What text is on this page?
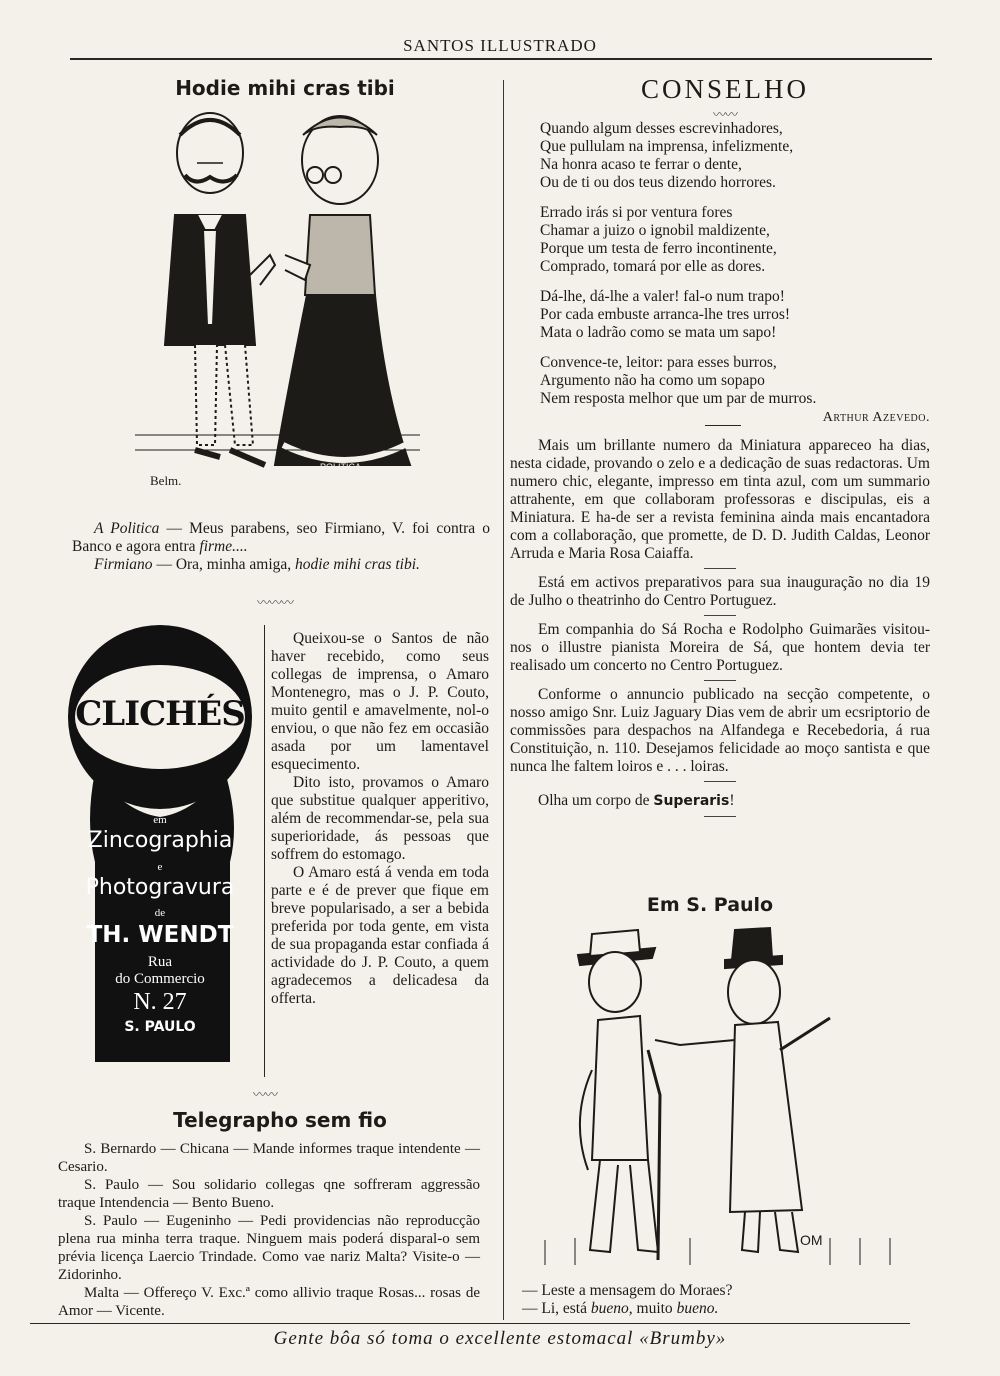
SANTOS ILLUSTRADO
Hodie mihi cras tibi
Belm.
POLITICA

A Politica — Meus parabens, seo Firmiano, V. foi contra o Banco e agora entra firme....

Firmiano — Ora, minha amiga, hodie mihi cras tibi.

〰〰〰
CLICHÉS
em
Zincographia
e
Photogravura
de
TH. WENDT
Rua
do Commercio
N. 27
S. PAULO

Queixou-se o Santos de não haver recebido, como seus collegas de imprensa, o Amaro Montenegro, mas o J. P. Couto, muito gentil e amavelmente, nol-o enviou, o que não fez em occasião asada por um lamentavel esquecimento.

Dito isto, provamos o Amaro que substitue qualquer apperitivo, além de recommendar-se, pela sua superioridade, ás pessoas que soffrem do estomago.

O Amaro está á venda em toda parte e é de prever que fique em breve popularisado, a ser a bebida preferida por toda gente, em vista de sua propaganda estar confiada á actividade do J. P. Couto, a quem agradecemos a delicadesa da offerta.

〰〰
Telegrapho sem fio

S. Bernardo — Chicana — Mande informes traque intendente — Cesario.

S. Paulo — Sou solidario collegas qne soffreram aggressão traque Intendencia — Bento Bueno.

S. Paulo — Eugeninho — Pedi providencias não reproducção plena rua minha terra traque. Ninguem mais poderá disparal-o sem prévia licença Laercio Trindade. Como vae nariz Malta? Visite-o — Zidorinho.

Malta — Offereço V. Exc.ª como allivio traque Rosas... rosas de Amor — Vicente.

CONSELHO
〰〰

Quando algum desses escrevinhadores,
Que pullulam na imprensa, infelizmente,
Na honra acaso te ferrar o dente,
Ou de ti ou dos teus dizendo horrores.

Errado irás si por ventura fores
Chamar a juizo o ignobil maldizente,
Porque um testa de ferro incontinente,
Comprado, tomará por elle as dores.

Dá-lhe, dá-lhe a valer! fal-o num trapo!
Por cada embuste arranca-lhe tres urros!
Mata o ladrão como se mata um sapo!

Convence-te, leitor: para esses burros,
Argumento não ha como um sopapo
Nem resposta melhor que um par de murros.

Arthur Azevedo.

Mais um brillante numero da Miniatura appareceo ha dias, nesta cidade, provando o zelo e a dedicação de suas redactoras. Um numero chic, elegante, impresso em tinta azul, com um summario attrahente, em que collaboram professoras e discipulas, eis a Miniatura. E ha-de ser a revista feminina ainda mais encantadora com a collaboração, que promette, de D. D. Judith Caldas, Leonor Arruda e Maria Rosa Caiaffa.

Está em activos preparativos para sua inauguração no dia 19 de Julho o theatrinho do Centro Portuguez.

Em companhia do Sá Rocha e Rodolpho Guimarães visitou-nos o illustre pianista Moreira de Sá, que hontem devia ter realisado um concerto no Centro Portuguez.

Conforme o annuncio publicado na secção competente, o nosso amigo Snr. Luiz Jaguary Dias vem de abrir um ecsriptorio de commissões para despachos na Alfandega e Recebedoria, á rua Constituição, n. 110. Desejamos felicidade ao moço santista e que nunca lhe faltem loiros e . . . loiras.

Olha um corpo de Superaris!

Em S. Paulo
OM
— Leste a mensagem do Moraes?
— Li, está bueno, muito bueno.
Gente bôa só toma o excellente estomacal «Brumby»
